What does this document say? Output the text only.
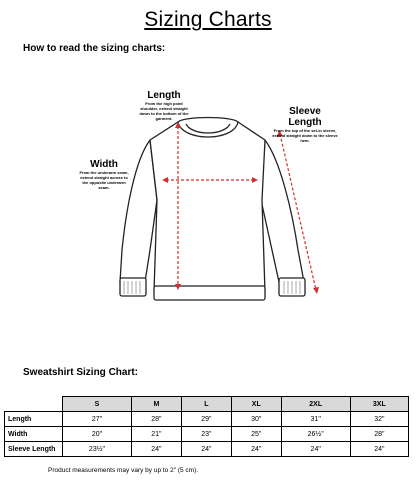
Sizing Charts
How to read the sizing charts:
Length
From the high point shoulder, extend straight down to the bottom of the garment.
Sleeve Length
From the top of the set-in sleeve, extend straight down to the sleeve hem.
Width
From the underarm seam, extend straight across to the opposite underarm seam.
Sweatshirt Sizing Chart:
	S	M	L	XL	2XL	3XL
Length	27"	28"	29"	30"	31"	32"
Width	20"	21"	23"	25"	26½"	28"
Sleeve Length	23½"	24"	24"	24"	24"	24"
Product measurements may vary by up to 2" (5 cm).
